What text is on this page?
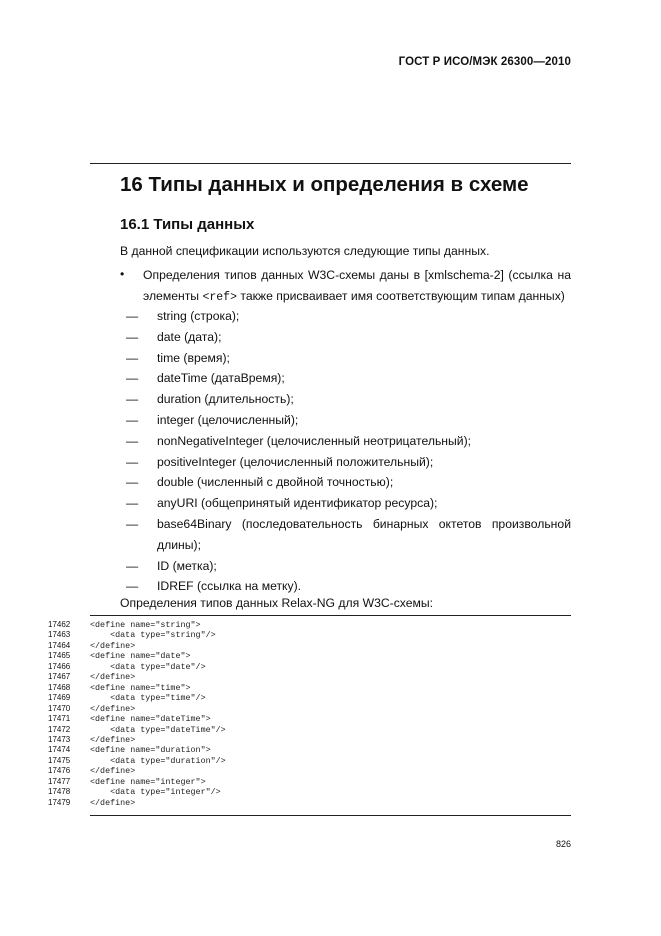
ГОСТ Р ИСО/МЭК 26300—2010
16 Типы данных и определения в схеме
16.1 Типы данных
В данной спецификации используются следующие типы данных.
• Определения типов данных W3C-схемы даны в [xmlschema-2] (ссылка на элементы <ref> также присваивает имя соответствующим типам данных)
— string (строка);
— date (дата);
— time (время);
— dateTime (датаВремя);
— duration (длительность);
— integer (целочисленный);
— nonNegativeInteger (целочисленный неотрицательный);
— positiveInteger (целочисленный положительный);
— double (численный с двойной точностью);
— anyURI (общепринятый идентификатор ресурса);
— base64Binary (последовательность бинарных октетов произвольной длины);
— ID (метка);
— IDREF (ссылка на метку).
Определения типов данных Relax-NG для W3C-схемы:
17462	<define name="string">
17463	<data type="string"/>
17464	</define>
17465	<define name="date">
17466	<data type="date"/>
17467	</define>
17468	<define name="time">
17469	<data type="time"/>
17470	</define>
17471	<define name="dateTime">
17472	<data type="dateTime"/>
17473	</define>
17474	<define name="duration">
17475	<data type="duration"/>
17476	</define>
17477	<define name="integer">
17478	<data type="integer"/>
17479	</define>
826
